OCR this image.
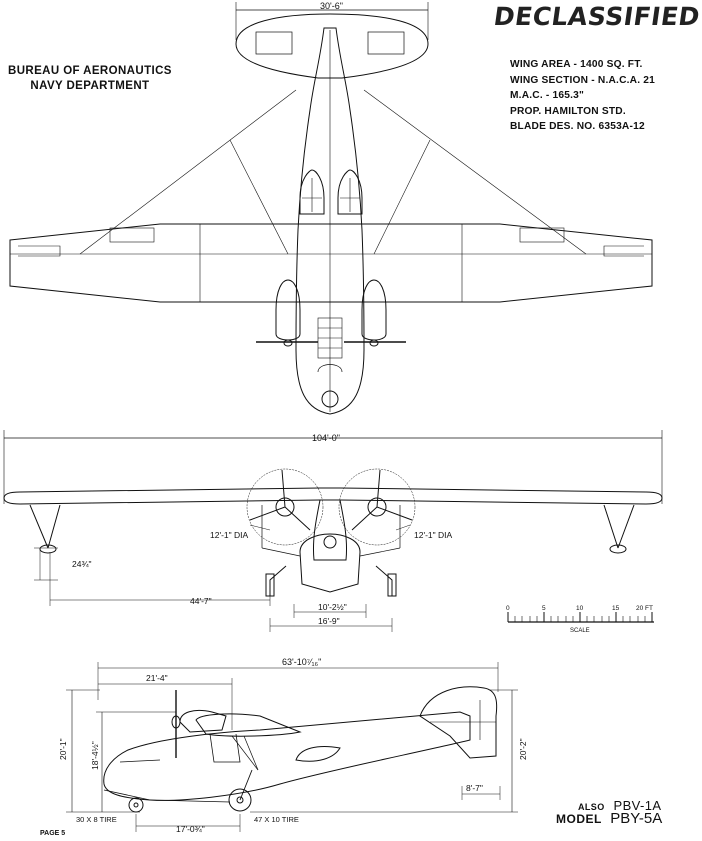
30'-6"
104'-0"
12'-1" DIA	12'-1" DIA
24¾"
44'-7"
10'-2½"
16'-9"
63'-10⁷⁄₁₆"
21'-4"
20'-1"	18'-4½"	20'-2"
8'-7"
17'-0¾"
30 X 8 TIRE	47 X 10 TIRE
0	5	10	15	20 FT
SCALE
DECLASSIFIED
BUREAU OF AERONAUTICS
NAVY DEPARTMENT
WING AREA - 1400 SQ. FT.
WING SECTION - N.A.C.A. 21
M.A.C. - 165.3"
PROP. HAMILTON STD.
BLADE DES. NO. 6353A-12
ALSO PBV-1A
MODEL PBY-5A
PAGE 5
